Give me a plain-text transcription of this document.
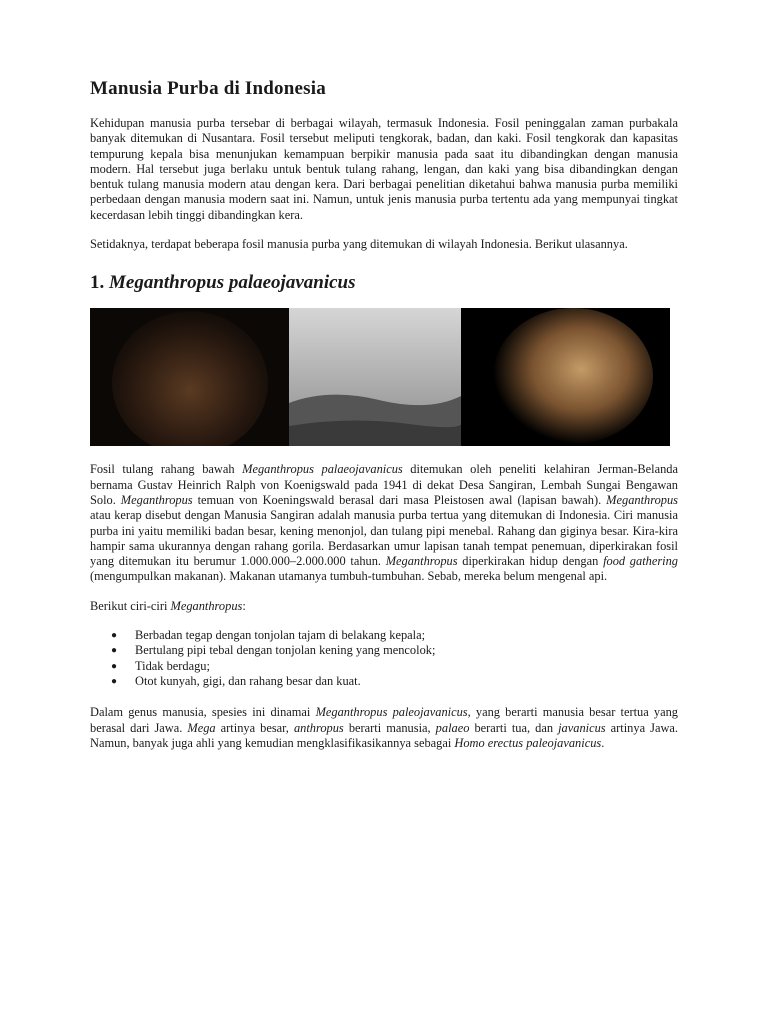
Manusia Purba di Indonesia

Kehidupan manusia purba tersebar di berbagai wilayah, termasuk Indonesia. Fosil peninggalan zaman purbakala banyak ditemukan di Nusantara. Fosil tersebut meliputi tengkorak, badan, dan kaki. Fosil tengkorak dan kapasitas tempurung kepala bisa menunjukan kemampuan berpikir manusia pada saat itu dibandingkan dengan manusia modern. Hal tersebut juga berlaku untuk bentuk tulang rahang, lengan, dan kaki yang bisa dibandingkan dengan bentuk tulang manusia modern atau dengan kera. Dari berbagai penelitian diketahui bahwa manusia purba memiliki perbedaan dengan manusia modern saat ini. Namun, untuk jenis manusia purba tertentu ada yang mempunyai tingkat kecerdasan lebih tinggi dibandingkan kera.

Setidaknya, terdapat beberapa fosil manusia purba yang ditemukan di wilayah Indonesia. Berikut ulasannya.

1. Meganthropus palaeojavanicus

Fosil tulang rahang bawah Meganthropus palaeojavanicus ditemukan oleh peneliti kelahiran Jerman-Belanda bernama Gustav Heinrich Ralph von Koenigswald pada 1941 di dekat Desa Sangiran, Lembah Sungai Bengawan Solo. Meganthropus temuan von Koeningswald berasal dari masa Pleistosen awal (lapisan bawah). Meganthropus atau kerap disebut dengan Manusia Sangiran adalah manusia purba tertua yang ditemukan di Indonesia. Ciri manusia purba ini yaitu memiliki badan besar, kening menonjol, dan tulang pipi menebal. Rahang dan giginya besar. Kira-kira hampir sama ukurannya dengan rahang gorila. Berdasarkan umur lapisan tanah tempat penemuan, diperkirakan fosil yang ditemukan itu berumur 1.000.000–2.000.000 tahun. Meganthropus diperkirakan hidup dengan food gathering (mengumpulkan makanan). Makanan utamanya tumbuh-tumbuhan. Sebab, mereka belum mengenal api.

Berikut ciri-ciri Meganthropus:

● Berbadan tegap dengan tonjolan tajam di belakang kepala;
● Bertulang pipi tebal dengan tonjolan kening yang mencolok;
● Tidak berdagu;
● Otot kunyah, gigi, dan rahang besar dan kuat.

Dalam genus manusia, spesies ini dinamai Meganthropus paleojavanicus, yang berarti manusia besar tertua yang berasal dari Jawa. Mega artinya besar, anthropus berarti manusia, palaeo berarti tua, dan javanicus artinya Jawa. Namun, banyak juga ahli yang kemudian mengklasifikasikannya sebagai Homo erectus paleojavanicus.
